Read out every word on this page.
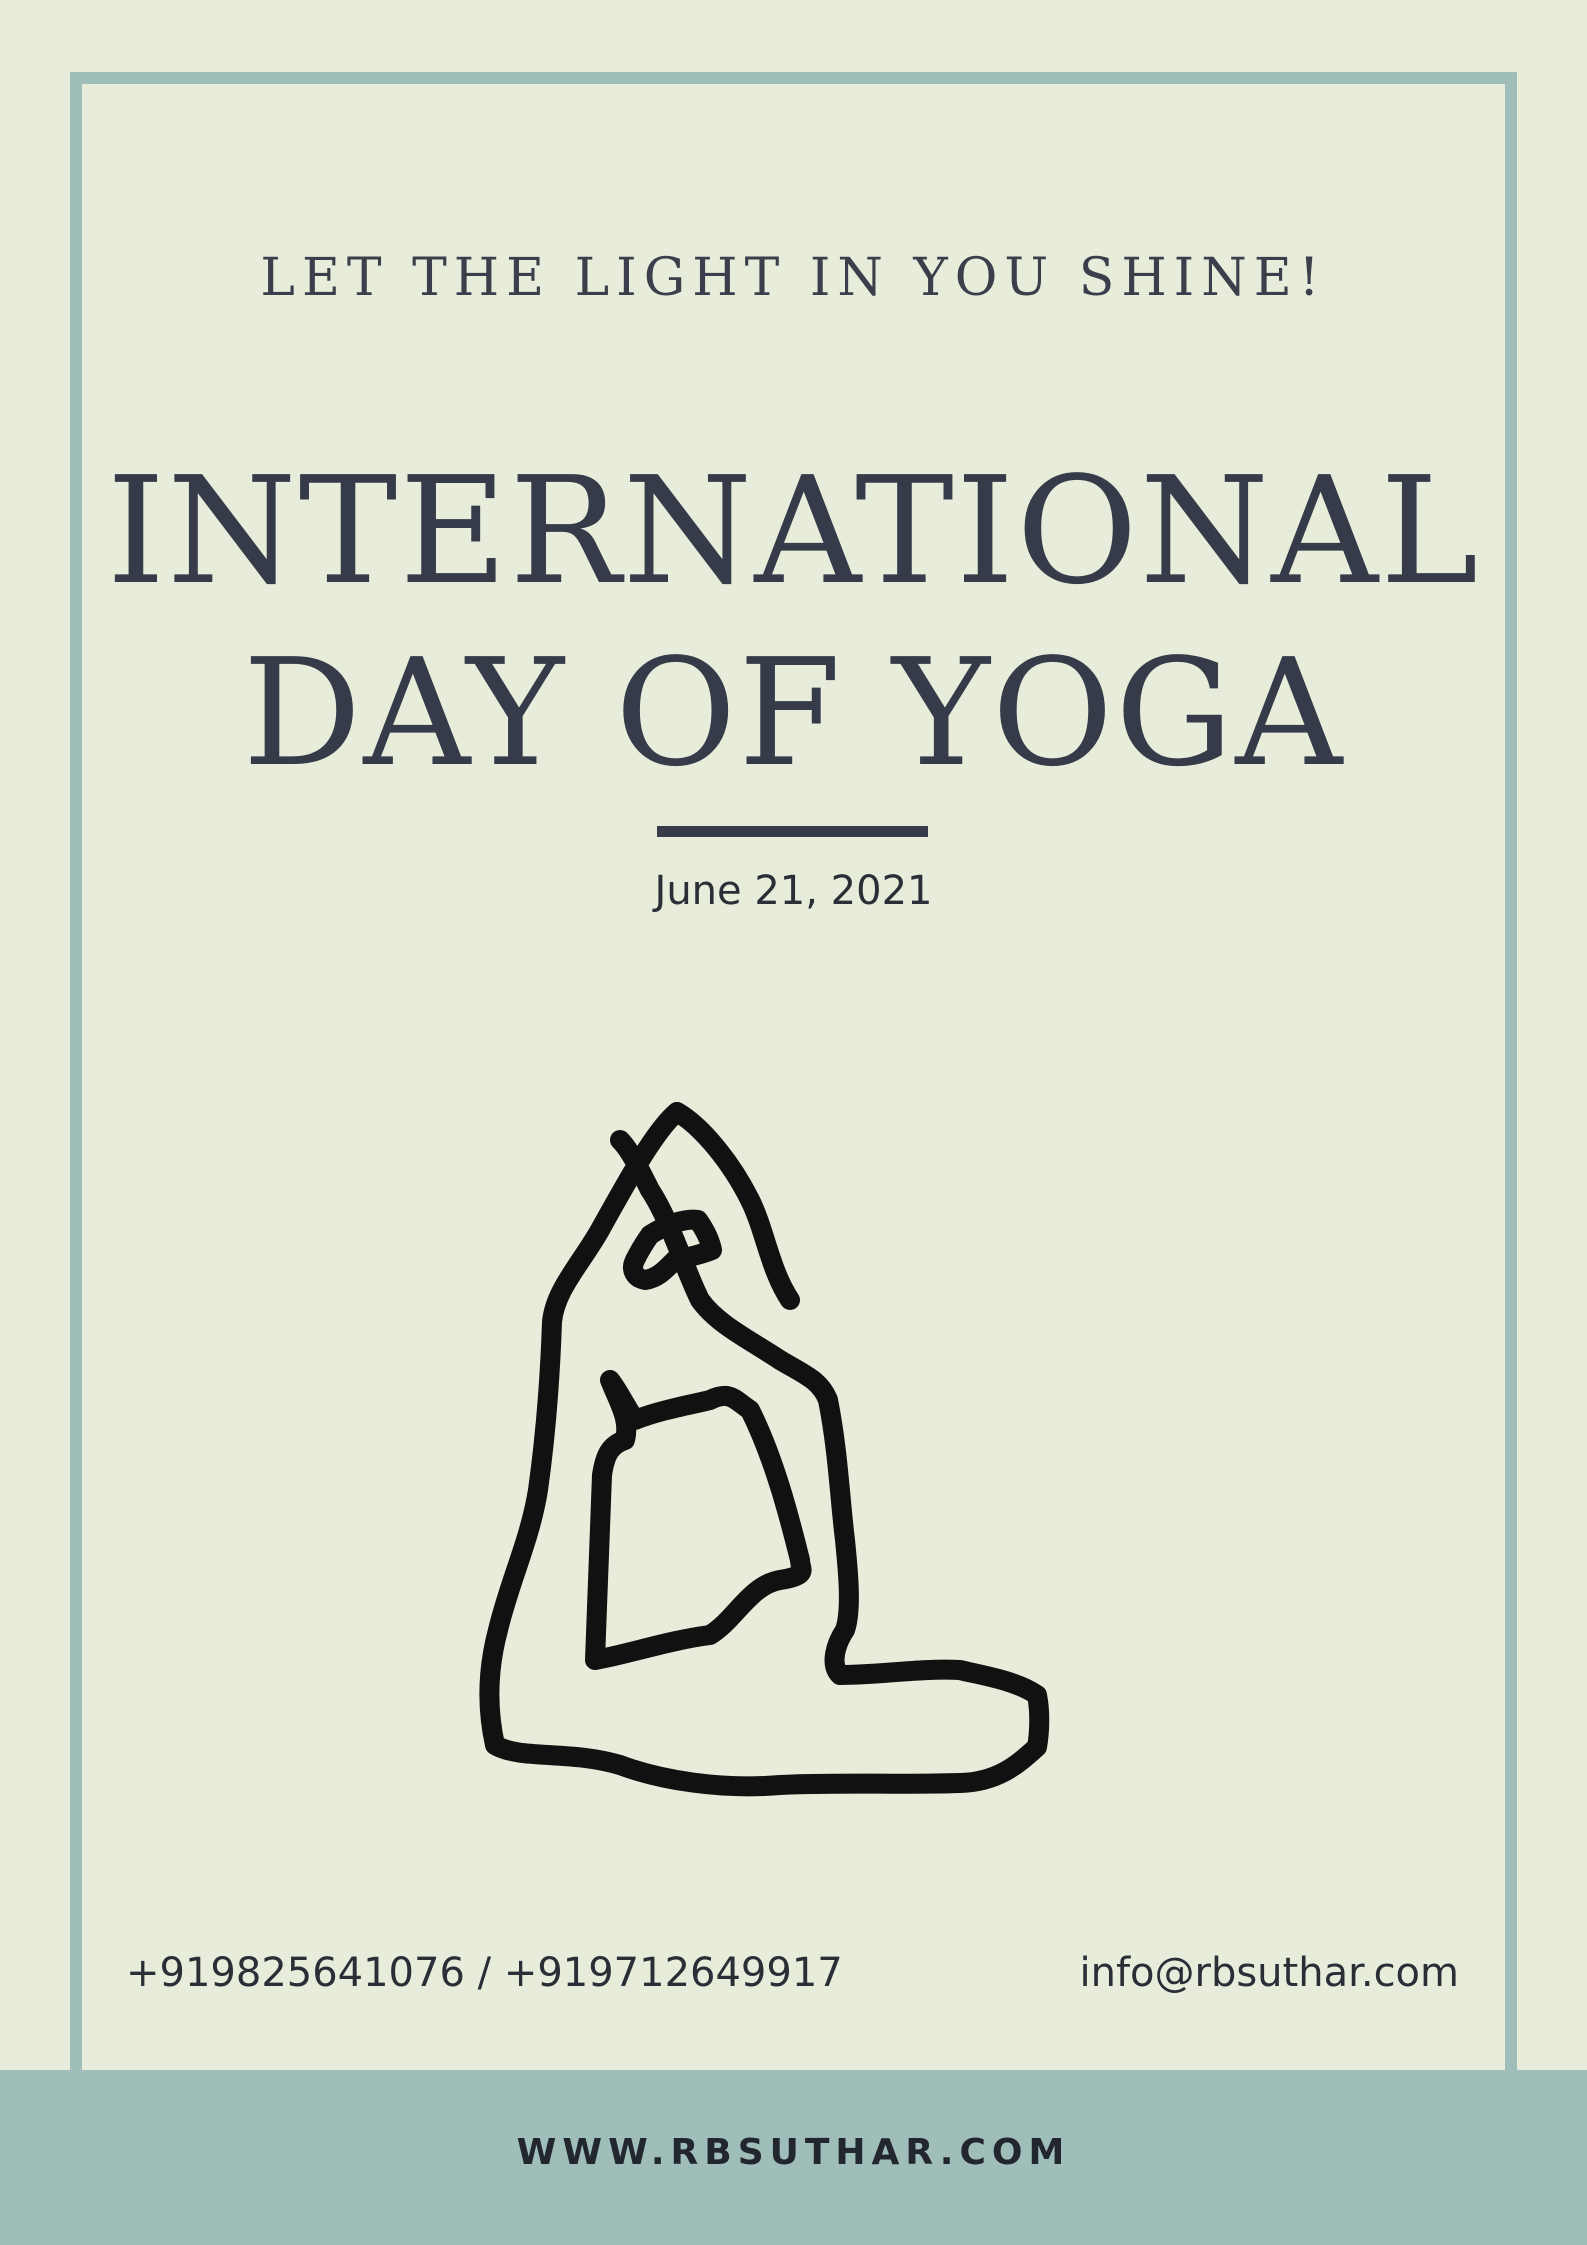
LET THE LIGHT IN YOU SHINE!
INTERNATIONAL
DAY OF YOGA
June 21, 2021
+919825641076 / +919712649917	info@rbsuthar.com
WWW.RBSUTHAR.COM
